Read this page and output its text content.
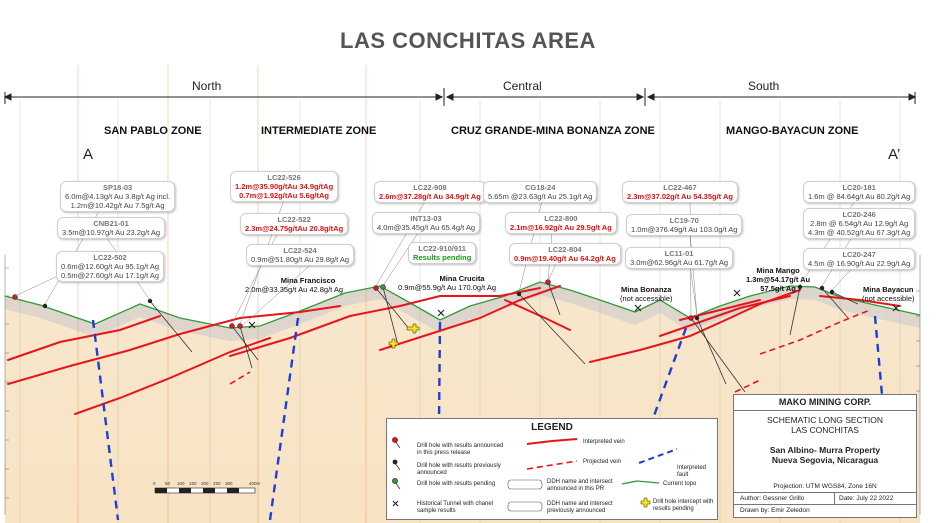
LAS CONCHITAS AREA
North	Central	South
SAN PABLO ZONE	INTERMEDIATE ZONE	CRUZ GRANDE-MINA BONANZA ZONE	MANGO-BAYACUN ZONE
A	A’
SP18-03
6.0m@4.13g/t Au 3.8g/t Ag incl.
1.2m@10.42g/t Au 7.5g/t Ag
CNB21-01
3.5m@10.97g/t Au 23.2g/t Ag
LC22-502
0.6m@12.60g/t Au 95.1g/t Ag
0.5m@27.60g/t Au 17.1g/t Ag
LC22-526
1.2m@35.90g/tAu 34.9g/tAg
0.7m@1.92g/tAu 5.6g/tAg
LC22-522
2.3m@24.75g/tAu 20.8g/tAg
LC22-524
0.9m@51.80g/t Au 29.8g/t Ag
LC22-908
2.6m@37.28g/t Au 34.9g/t Ag
INT13-03
4.0m@35.45g/t Au 65.4g/t Ag
LC22-910/911
Results pending
CG18-24
5.65m @23.63g/t Au 25.1g/t Ag
LC22-800
2.1m@16.92g/t Au 29.5g/t Ag
LC22-804
0.9m@19.40g/t Au 64.2g/t Ag
LC22-467
2.3m@37.02g/t Au 54.35g/t Ag
LC19-70
1.0m@376.49g/t Au 103.0g/t Ag
LC11-01
3.0m@62.96g/t Au 61.7g/t Ag
LC20-181
1.6m @ 84.64g/t Au 80.2g/t Ag
LC20-246
2.8m @ 6.54g/t Au 12.9g/t Ag
4.3m @ 40.52g/t Au 67.3g/t Ag
LC20-247
4.5m @ 16.90g/t Au 22.9g/t Ag
Mina Francisco
2.0m@33.35g/t Au 42.8g/t Ag
Mina Crucita
0.9m@55.9g/t Au 170.0g/t Ag	Mina Bonanza
(not accessible)
Mina Mango
1.3m@54.17g/t Au
57.5g/t Ag	Mina Bayacun
(not accessible)
0 50 100 150 200 250 300	400m
LEGEND
Drill hole with results announced in this press release
Drill hole with results previously announced
Drill hole with results pending
Historical Tunnel with chanel sample results
Interpreted vein
Projected vein
DDH name and intersect announced in this PR
DDH name and intersect previously announced
Interpreted fault
Current topo
Drill hole intercept with results pending
MAKO MINING CORP.
SCHEMATIC LONG SECTION
LAS CONCHITAS
San Albino- Murra Property
Nueva Segovia, Nicaragua
Projection: UTM WGS84, Zone 16N
Author: Gessner Grillo	Date: July 22 2022
Drawn by: Emir Zeledon
